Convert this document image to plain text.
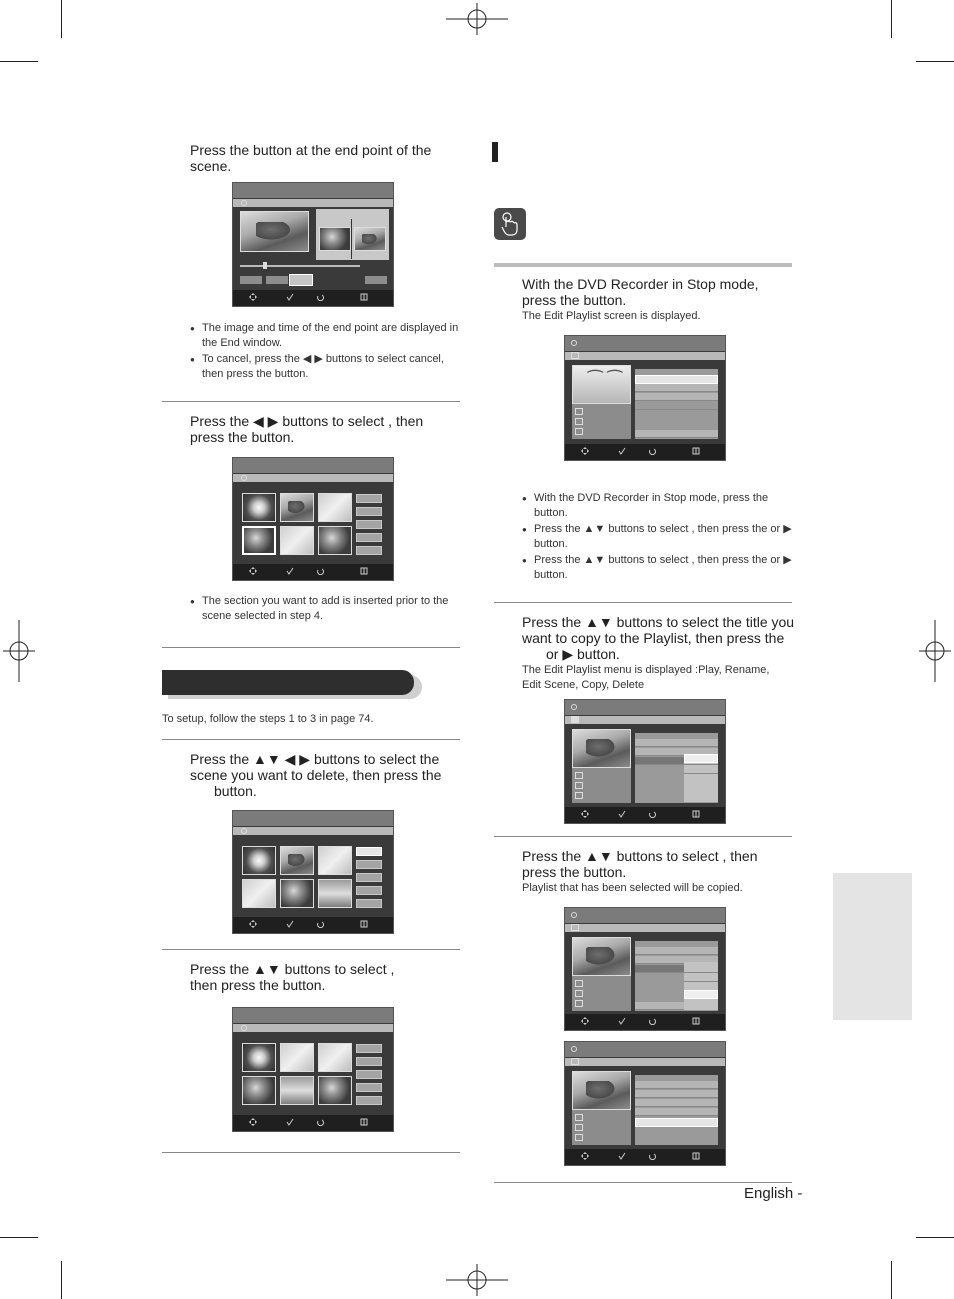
Press the button at the end point of the
scene.
● The image and time of the end point are displayed in the End window.
● To cancel, press the ◀ ▶ buttons to select cancel, then press the button.
Press the ◀ ▶ buttons to select , then
press the button.
● The section you want to add is inserted prior to the scene selected in step 4.
To setup, follow the steps 1 to 3 in page 74.
Press the ▲▼ ◀ ▶ buttons to select the
scene you want to delete, then press the
button.
Press the ▲▼ buttons to select ,
then press the button.
With the DVD Recorder in Stop mode,
press the button.
The Edit Playlist screen is displayed.
⁀ ⁀
● With the DVD Recorder in Stop mode, press the button.
● Press the ▲▼ buttons to select , then press the or ▶ button.
● Press the ▲▼ buttons to select , then press the or ▶ button.
Press the ▲▼ buttons to select the title you
want to copy to the Playlist, then press the
or ▶ button.
The Edit Playlist menu is displayed :Play, Rename,
Edit Scene, Copy, Delete
Press the ▲▼ buttons to select , then
press the button.
Playlist that has been selected will be copied.
English -
